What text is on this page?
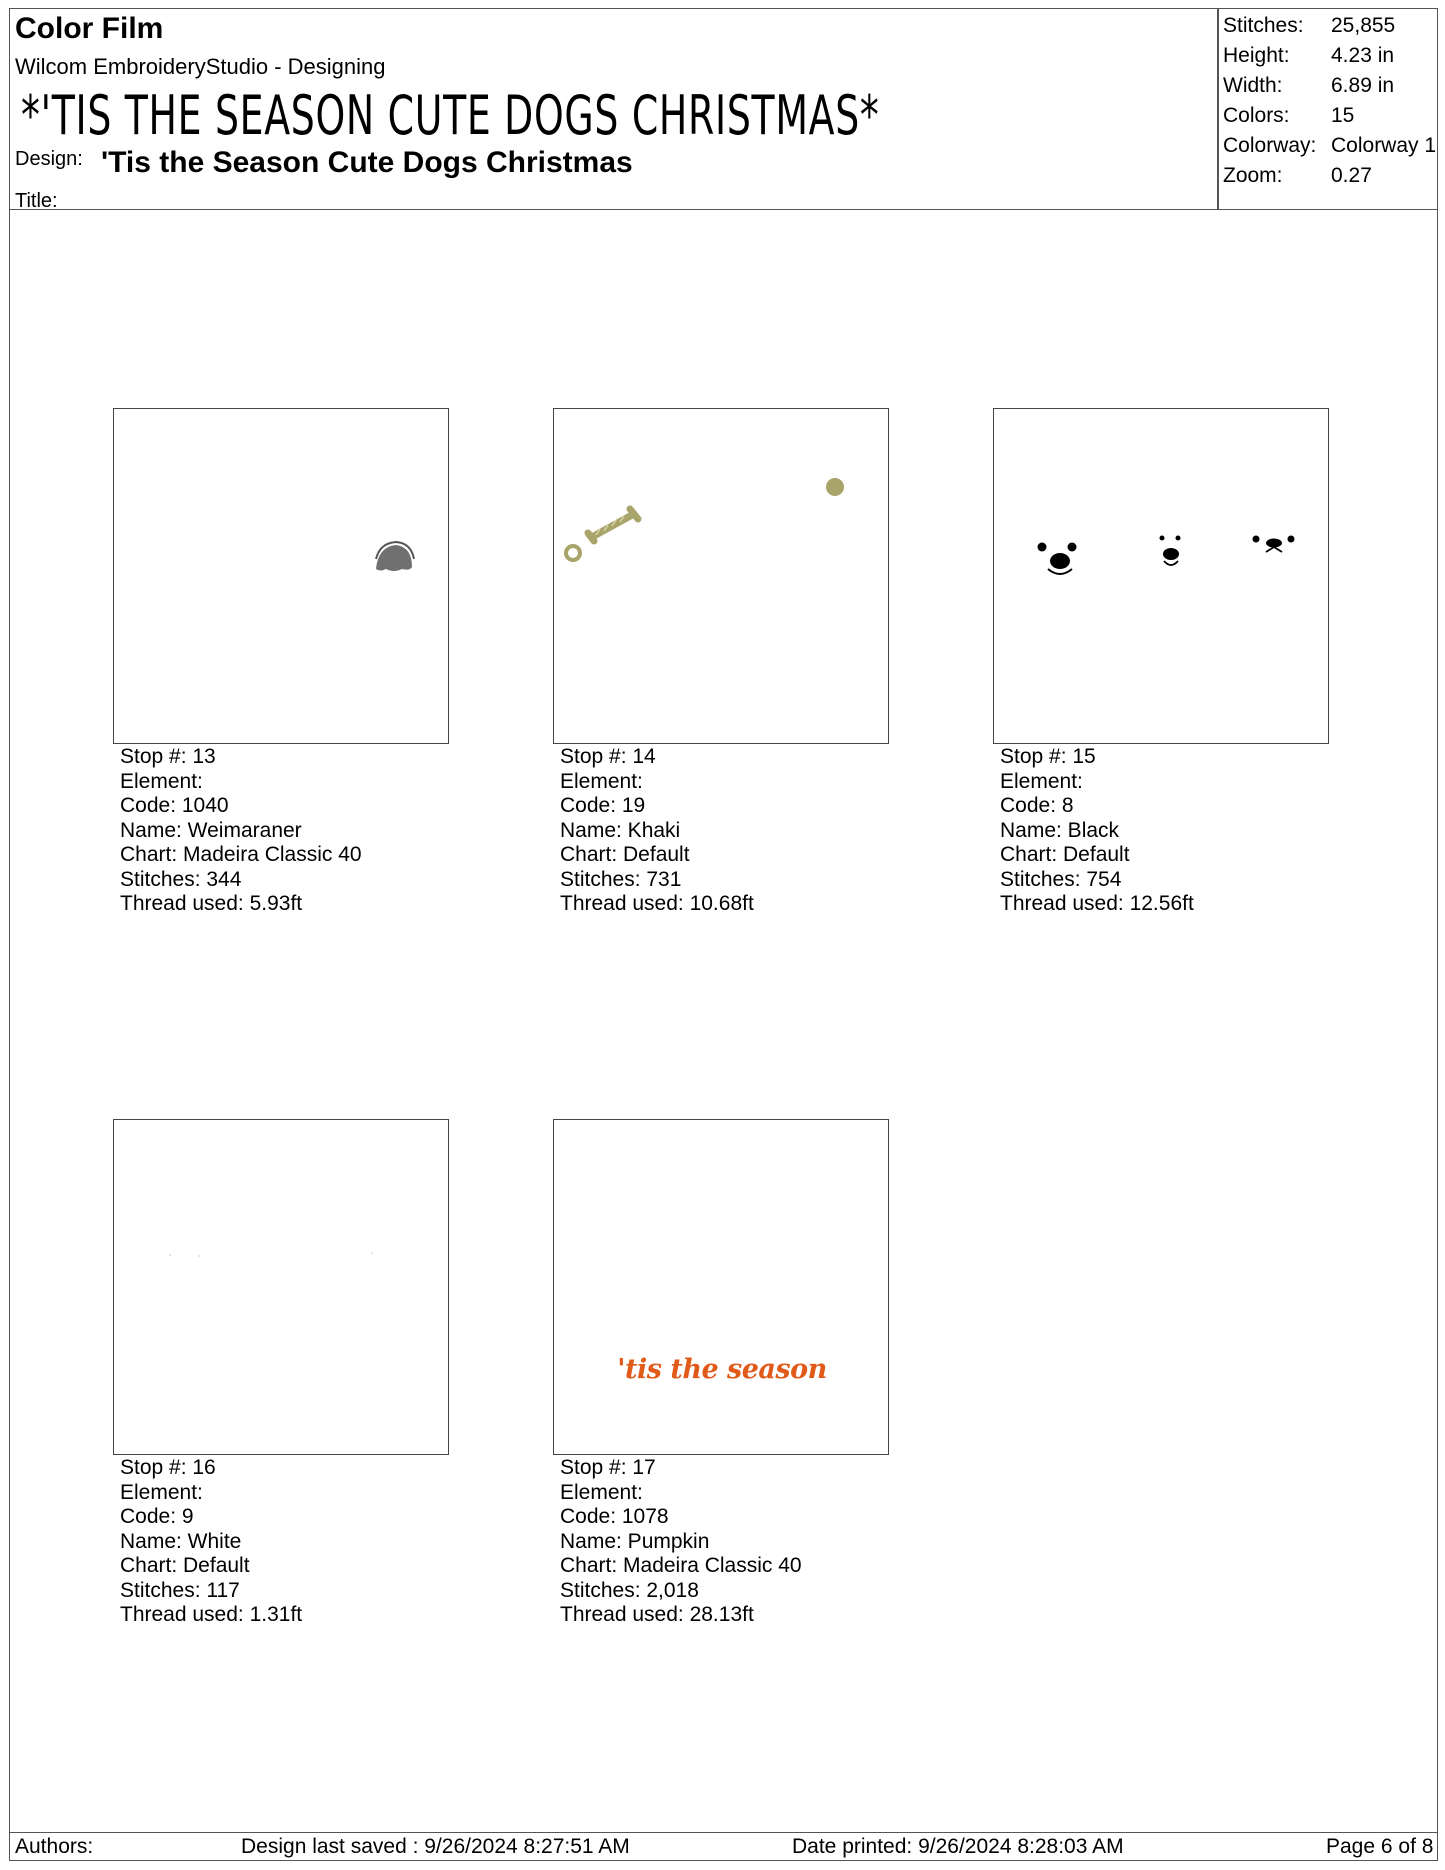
Color Film
Wilcom EmbroideryStudio - Designing
*'TIS THE SEASON CUTE DOGS CHRISTMAS*
Design: 'Tis the Season Cute Dogs Christmas
Title:
Stitches:	25,855
Height:	4.23 in
Width:	6.89 in
Colors:	15
Colorway: Colorway 1
Zoom:	0.27
Stop #: 13
Element:
Code: 1040
Name: Weimaraner
Chart: Madeira Classic 40
Stitches: 344
Thread used: 5.93ft
Stop #: 14
Element:
Code: 19
Name: Khaki
Chart: Default
Stitches: 731
Thread used: 10.68ft
Stop #: 15
Element:
Code: 8
Name: Black
Chart: Default
Stitches: 754
Thread used: 12.56ft
Stop #: 16
Element:
Code: 9
Name: White
Chart: Default
Stitches: 117
Thread used: 1.31ft
'tis the season
Stop #: 17
Element:
Code: 1078
Name: Pumpkin
Chart: Madeira Classic 40
Stitches: 2,018
Thread used: 28.13ft
Authors:	Design last saved : 9/26/2024 8:27:51 AM	Date printed: 9/26/2024 8:28:03 AM	Page 6 of 8
